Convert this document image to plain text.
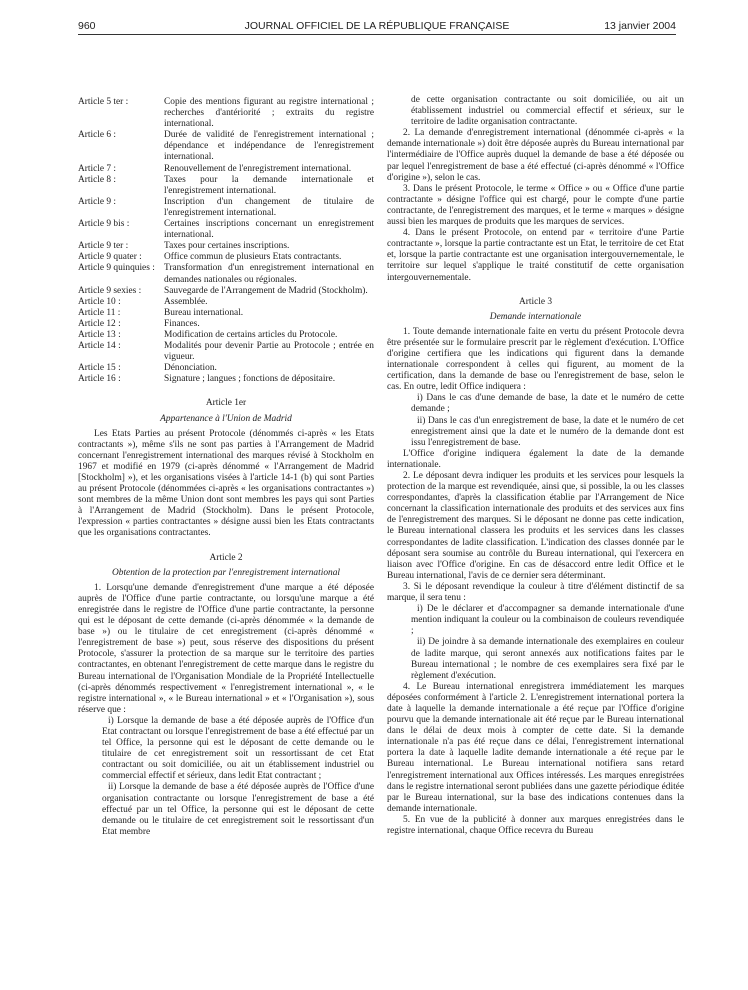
960	JOURNAL OFFICIEL DE LA RÉPUBLIQUE FRANÇAISE	13 janvier 2004
Article 5 ter :	Copie des mentions figurant au registre international ; recherches d'antériorité ; extraits du registre international.
Article 6 :	Durée de validité de l'enregistrement international ; dépendance et indépendance de l'enregistrement international.
Article 7 :	Renouvellement de l'enregistrement international.
Article 8 :	Taxes pour la demande internationale et l'enregistrement international.
Article 9 :	Inscription d'un changement de titulaire de l'enregistrement international.
Article 9 bis :	Certaines inscriptions concernant un enregistrement international.
Article 9 ter :	Taxes pour certaines inscriptions.
Article 9 quater :	Office commun de plusieurs Etats contractants.
Article 9 quinquies : Transformation d'un enregistrement international en demandes nationales ou régionales.
Article 9 sexies :	Sauvegarde de l'Arrangement de Madrid (Stockholm).
Article 10 :	Assemblée.
Article 11 :	Bureau international.
Article 12 :	Finances.
Article 13 :	Modification de certains articles du Protocole.
Article 14 :	Modalités pour devenir Partie au Protocole ; entrée en vigueur.
Article 15 :	Dénonciation.
Article 16 :	Signature ; langues ; fonctions de dépositaire.
Article 1er
Appartenance à l'Union de Madrid

Les Etats Parties au présent Protocole (dénommés ci-après « les Etats contractants »), même s'ils ne sont pas parties à l'Arrangement de Madrid concernant l'enregistrement international des marques révisé à Stockholm en 1967 et modifié en 1979 (ci-après dénommé « l'Arrangement de Madrid [Stockholm] »), et les organisations visées à l'article 14-1 (b) qui sont Parties au présent Protocole (dénommées ci-après « les organisations contractantes ») sont membres de la même Union dont sont membres les pays qui sont Parties à l'Arrangement de Madrid (Stockholm). Dans le présent Protocole, l'expression « parties contractantes » désigne aussi bien les Etats contractants que les organisations contractantes.

Article 2
Obtention de la protection par l'enregistrement international

1. Lorsqu'une demande d'enregistrement d'une marque a été déposée auprès de l'Office d'une partie contractante, ou lorsqu'une marque a été enregistrée dans le registre de l'Office d'une partie contractante, la personne qui est le déposant de cette demande (ci-après dénommée « la demande de base ») ou le titulaire de cet enregistrement (ci-après dénommé « l'enregistrement de base ») peut, sous réserve des dispositions du présent Protocole, s'assurer la protection de sa marque sur le territoire des parties contractantes, en obtenant l'enregistrement de cette marque dans le registre du Bureau international de l'Organisation Mondiale de la Propriété Intellectuelle (ci-après dénommés respectivement « l'enregistrement international », « le registre international », « le Bureau international » et « l'Organisation »), sous réserve que :

i) Lorsque la demande de base a été déposée auprès de l'Office d'un Etat contractant ou lorsque l'enregistrement de base a été effectué par un tel Office, la personne qui est le déposant de cette demande ou le titulaire de cet enregistrement soit un ressortissant de cet Etat contractant ou soit domiciliée, ou ait un établissement industriel ou commercial effectif et sérieux, dans ledit Etat contractant ;

ii) Lorsque la demande de base a été déposée auprès de l'Office d'une organisation contractante ou lorsque l'enregistrement de base a été effectué par un tel Office, la personne qui est le déposant de cette demande ou le titulaire de cet enregistrement soit le ressortissant d'un Etat membre

de cette organisation contractante ou soit domiciliée, ou ait un établissement industriel ou commercial effectif et sérieux, sur le territoire de ladite organisation contractante.

2. La demande d'enregistrement international (dénommée ci-après « la demande internationale ») doit être déposée auprès du Bureau international par l'intermédiaire de l'Office auprès duquel la demande de base a été déposée ou par lequel l'enregistrement de base a été effectué (ci-après dénommé « l'Office d'origine »), selon le cas.

3. Dans le présent Protocole, le terme « Office » ou « Office d'une partie contractante » désigne l'office qui est chargé, pour le compte d'une partie contractante, de l'enregistrement des marques, et le terme « marques » désigne aussi bien les marques de produits que les marques de services.

4. Dans le présent Protocole, on entend par « territoire d'une Partie contractante », lorsque la partie contractante est un Etat, le territoire de cet Etat et, lorsque la partie contractante est une organisation intergouvernementale, le territoire sur lequel s'applique le traité constitutif de cette organisation intergouvernementale.

Article 3
Demande internationale

1. Toute demande internationale faite en vertu du présent Protocole devra être présentée sur le formulaire prescrit par le règlement d'exécution. L'Office d'origine certifiera que les indications qui figurent dans la demande internationale correspondent à celles qui figurent, au moment de la certification, dans la demande de base ou l'enregistrement de base, selon le cas. En outre, ledit Office indiquera :

i) Dans le cas d'une demande de base, la date et le numéro de cette demande ;

ii) Dans le cas d'un enregistrement de base, la date et le numéro de cet enregistrement ainsi que la date et le numéro de la demande dont est issu l'enregistrement de base.

L'Office d'origine indiquera également la date de la demande internationale.

2. Le déposant devra indiquer les produits et les services pour lesquels la protection de la marque est revendiquée, ainsi que, si possible, la ou les classes correspondantes, d'après la classification établie par l'Arrangement de Nice concernant la classification internationale des produits et des services aux fins de l'enregistrement des marques. Si le déposant ne donne pas cette indication, le Bureau international classera les produits et les services dans les classes correspondantes de ladite classification. L'indication des classes donnée par le déposant sera soumise au contrôle du Bureau international, qui l'exercera en liaison avec l'Office d'origine. En cas de désaccord entre ledit Office et le Bureau international, l'avis de ce dernier sera déterminant.

3. Si le déposant revendique la couleur à titre d'élément distinctif de sa marque, il sera tenu :

i) De le déclarer et d'accompagner sa demande internationale d'une mention indiquant la couleur ou la combinaison de couleurs revendiquée ;

ii) De joindre à sa demande internationale des exemplaires en couleur de ladite marque, qui seront annexés aux notifications faites par le Bureau international ; le nombre de ces exemplaires sera fixé par le règlement d'exécution.

4. Le Bureau international enregistrera immédiatement les marques déposées conformément à l'article 2. L'enregistrement international portera la date à laquelle la demande internationale a été reçue par l'Office d'origine pourvu que la demande internationale ait été reçue par le Bureau international dans le délai de deux mois à compter de cette date. Si la demande internationale n'a pas été reçue dans ce délai, l'enregistrement international portera la date à laquelle ladite demande internationale a été reçue par le Bureau international. Le Bureau international notifiera sans retard l'enregistrement international aux Offices intéressés. Les marques enregistrées dans le registre international seront publiées dans une gazette périodique éditée par le Bureau international, sur la base des indications contenues dans la demande internationale.

5. En vue de la publicité à donner aux marques enregistrées dans le registre international, chaque Office recevra du Bureau
